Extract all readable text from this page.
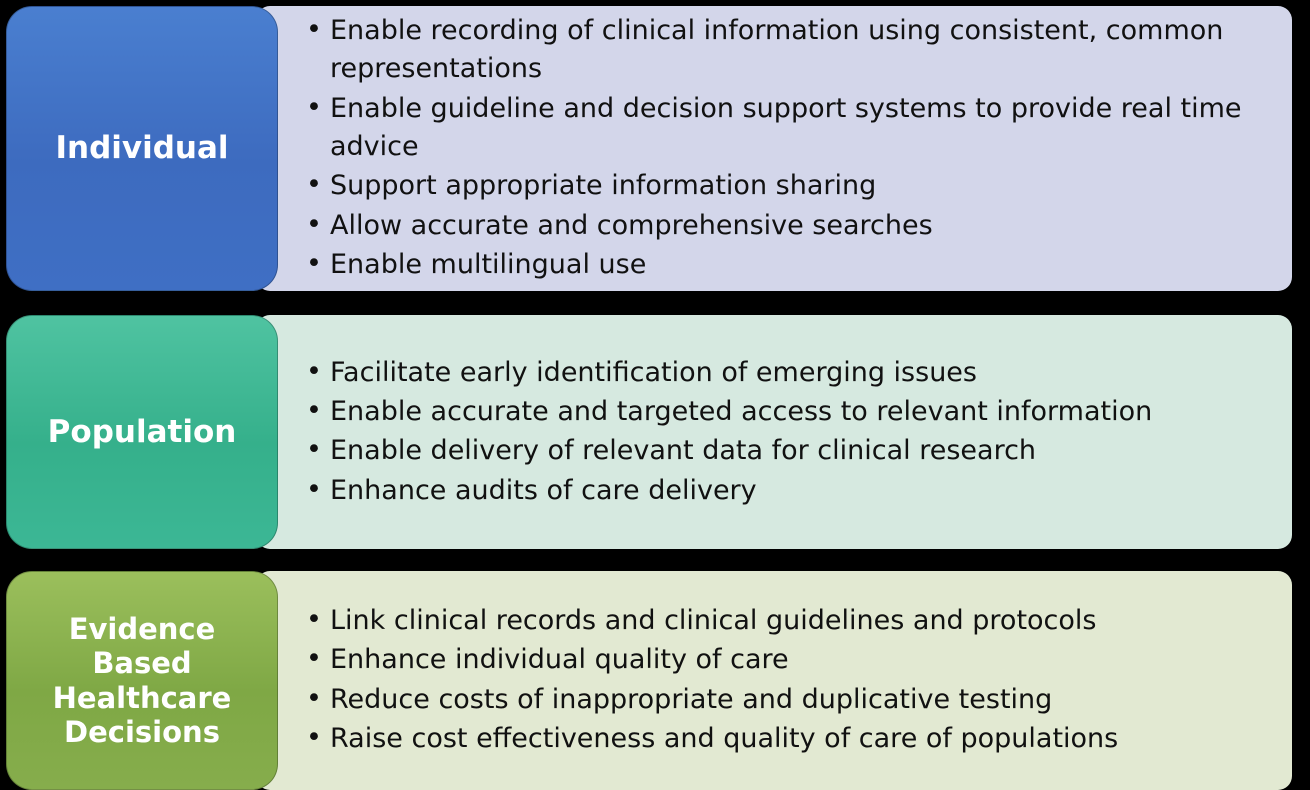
Individual
• Enable recording of clinical information using consistent, common representations
• Enable guideline and decision support systems to provide real time advice
• Support appropriate information sharing
• Allow accurate and comprehensive searches
• Enable multilingual use
Population
• Facilitate early identification of emerging issues
• Enable accurate and targeted access to relevant information
• Enable delivery of relevant data for clinical research
• Enhance audits of care delivery
Evidence Based Healthcare Decisions
• Link clinical records and clinical guidelines and protocols
• Enhance individual quality of care
• Reduce costs of inappropriate and duplicative testing
• Raise cost effectiveness and quality of care of populations
